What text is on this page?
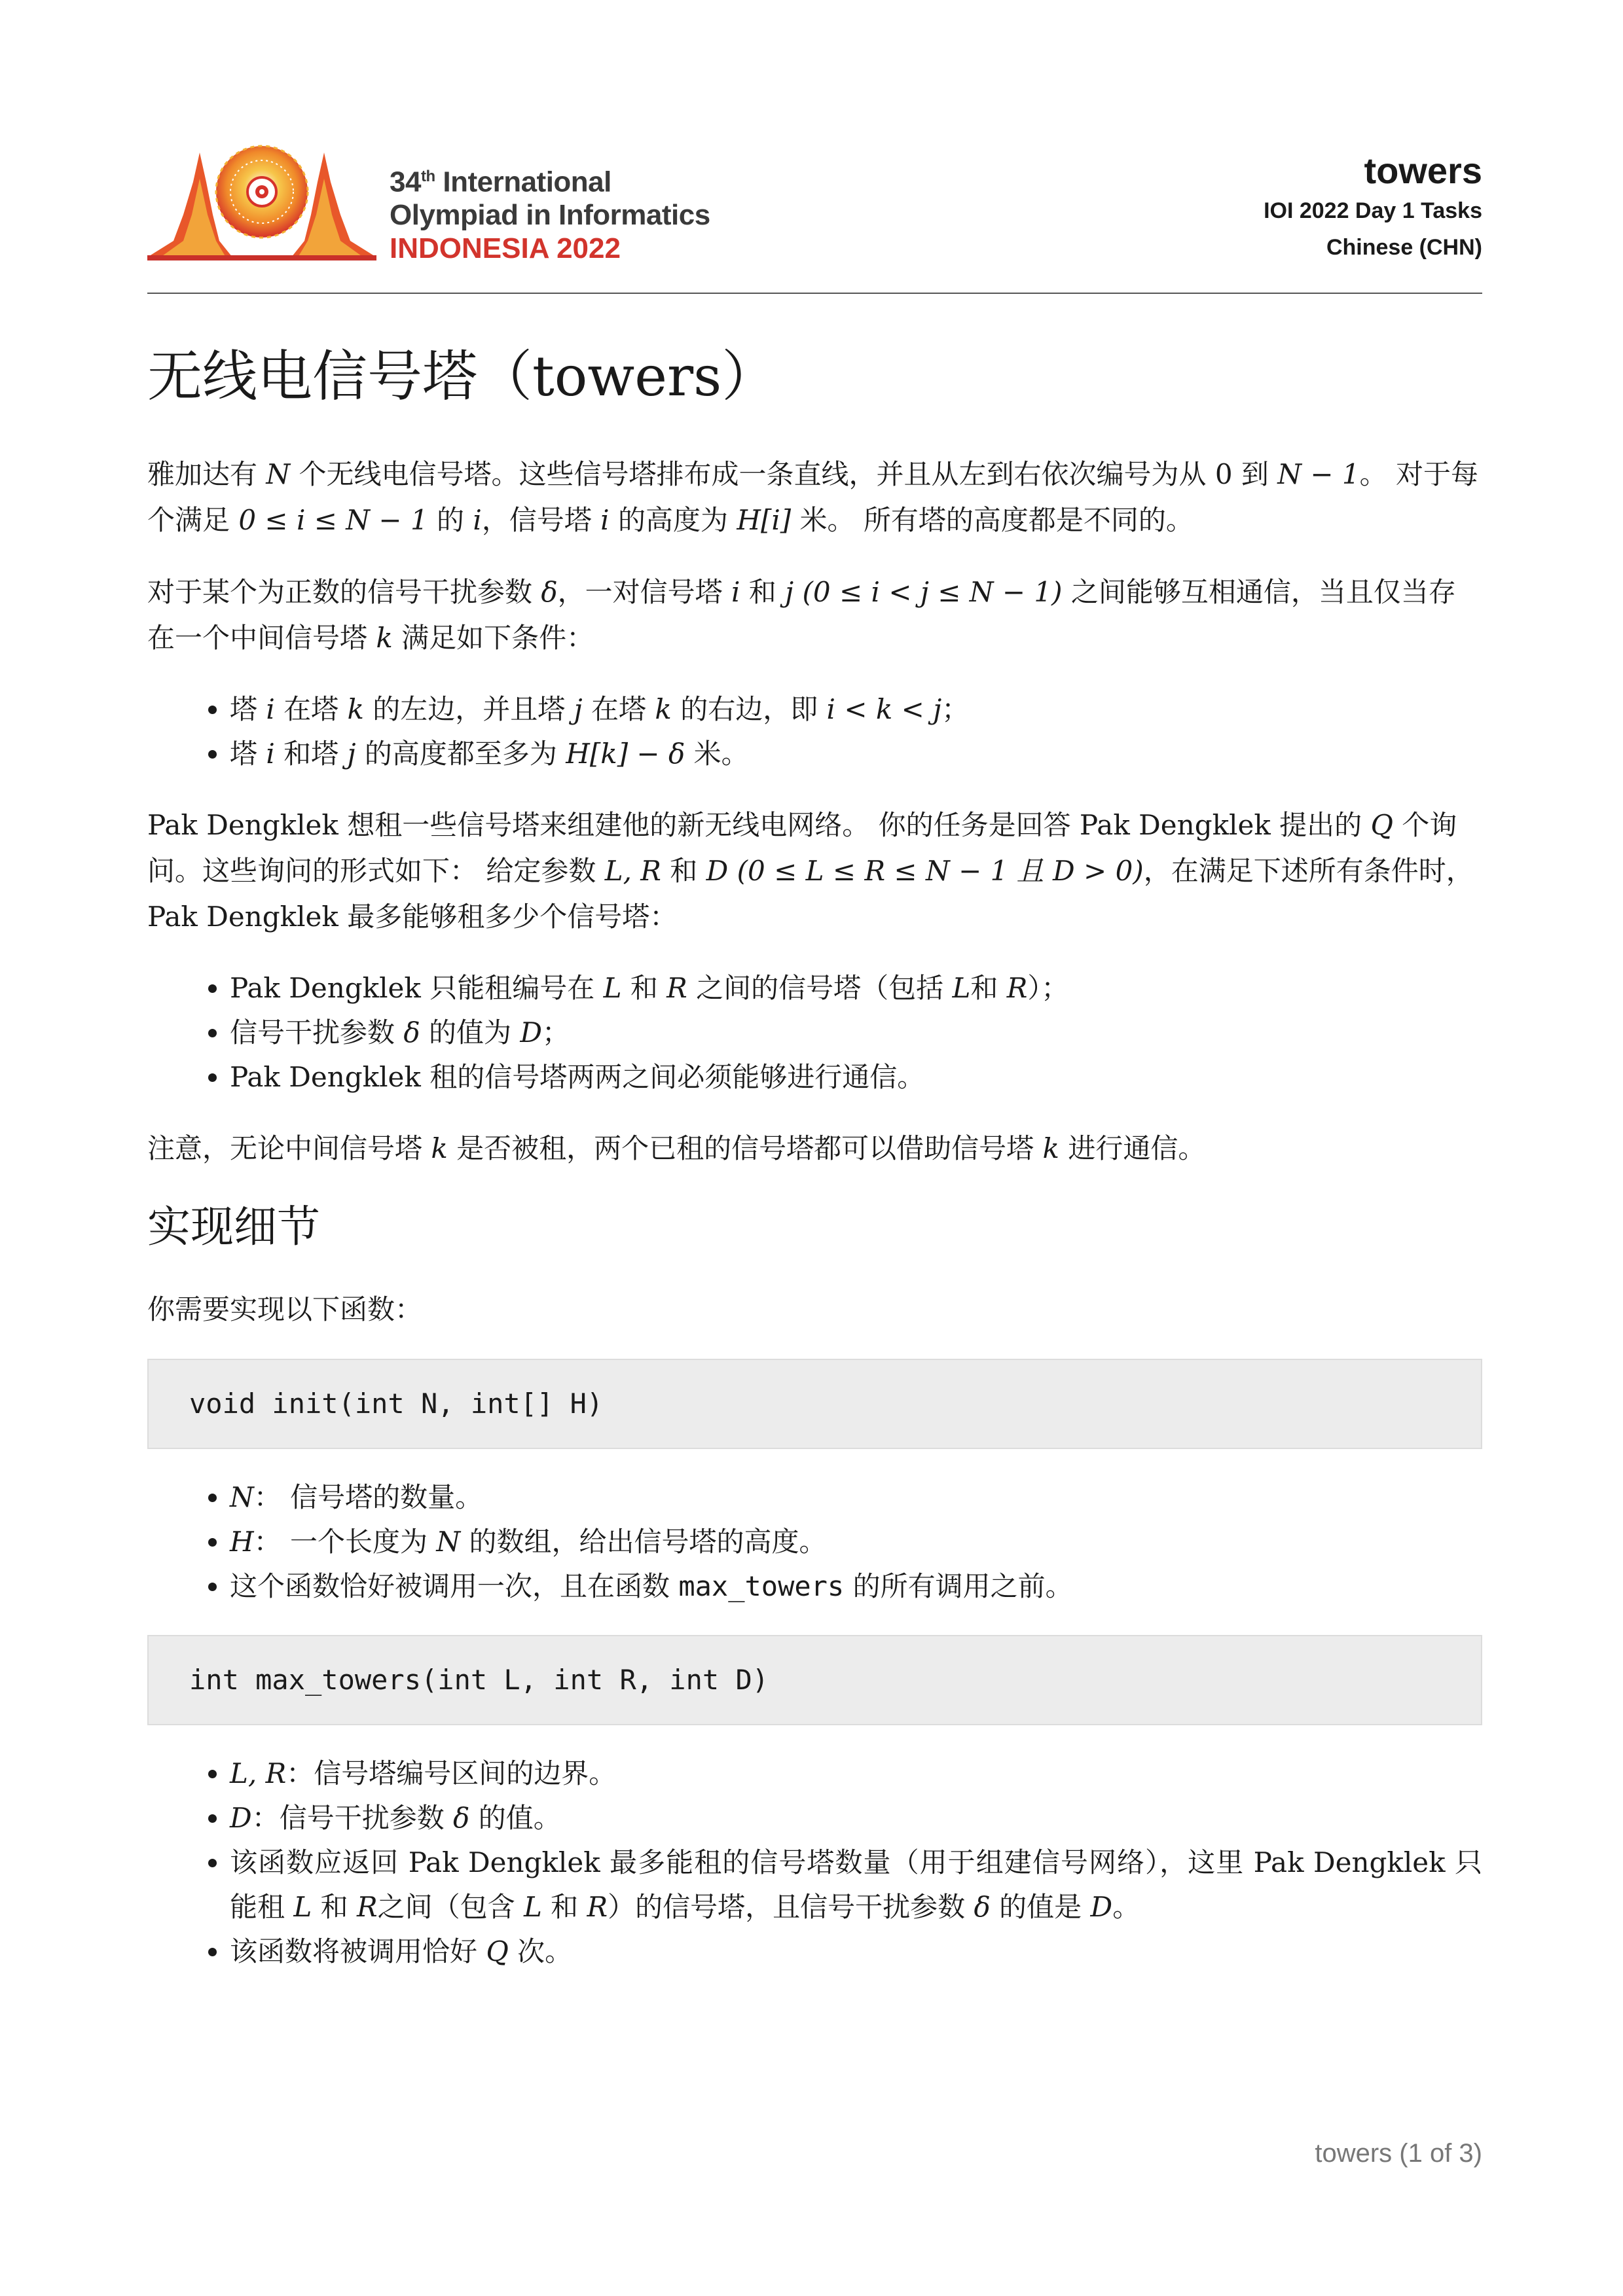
34th International
Olympiad in Informatics
INDONESIA 2022
towers
IOI 2022 Day 1 Tasks
Chinese (CHN)
无线电信号塔（towers）

雅加达有 N 个无线电信号塔。这些信号塔排布成一条直线，并且从左到右依次编号为从 0 到 N − 1。 对于每个满足 0 ≤ i ≤ N − 1 的 i，信号塔 i 的高度为 H[i] 米。 所有塔的高度都是不同的。

对于某个为正数的信号干扰参数 δ，一对信号塔 i 和 j (0 ≤ i < j ≤ N − 1) 之间能够互相通信，当且仅当存在一个中间信号塔 k 满足如下条件：

• 塔 i 在塔 k 的左边，并且塔 j 在塔 k 的右边，即 i < k < j；
• 塔 i 和塔 j 的高度都至多为 H[k] − δ 米。

Pak Dengklek 想租一些信号塔来组建他的新无线电网络。 你的任务是回答 Pak Dengklek 提出的 Q 个询问。这些询问的形式如下： 给定参数 L, R 和 D (0 ≤ L ≤ R ≤ N − 1 且 D > 0)，在满足下述所有条件时，Pak Dengklek 最多能够租多少个信号塔：

• Pak Dengklek 只能租编号在 L 和 R 之间的信号塔（包括 L和 R）；
• 信号干扰参数 δ 的值为 D；
• Pak Dengklek 租的信号塔两两之间必须能够进行通信。

注意，无论中间信号塔 k 是否被租，两个已租的信号塔都可以借助信号塔 k 进行通信。

实现细节

你需要实现以下函数：

void init(int N, int[] H)
• N： 信号塔的数量。
• H： 一个长度为 N 的数组，给出信号塔的高度。
• 这个函数恰好被调用一次，且在函数 max_towers 的所有调用之前。
int max_towers(int L, int R, int D)
• L, R：信号塔编号区间的边界。
• D：信号干扰参数 δ 的值。
• 该函数应返回 Pak Dengklek 最多能租的信号塔数量（用于组建信号网络），这里 Pak Dengklek 只能租 L 和 R之间（包含 L 和 R）的信号塔，且信号干扰参数 δ 的值是 D。
• 该函数将被调用恰好 Q 次。
towers (1 of 3)
